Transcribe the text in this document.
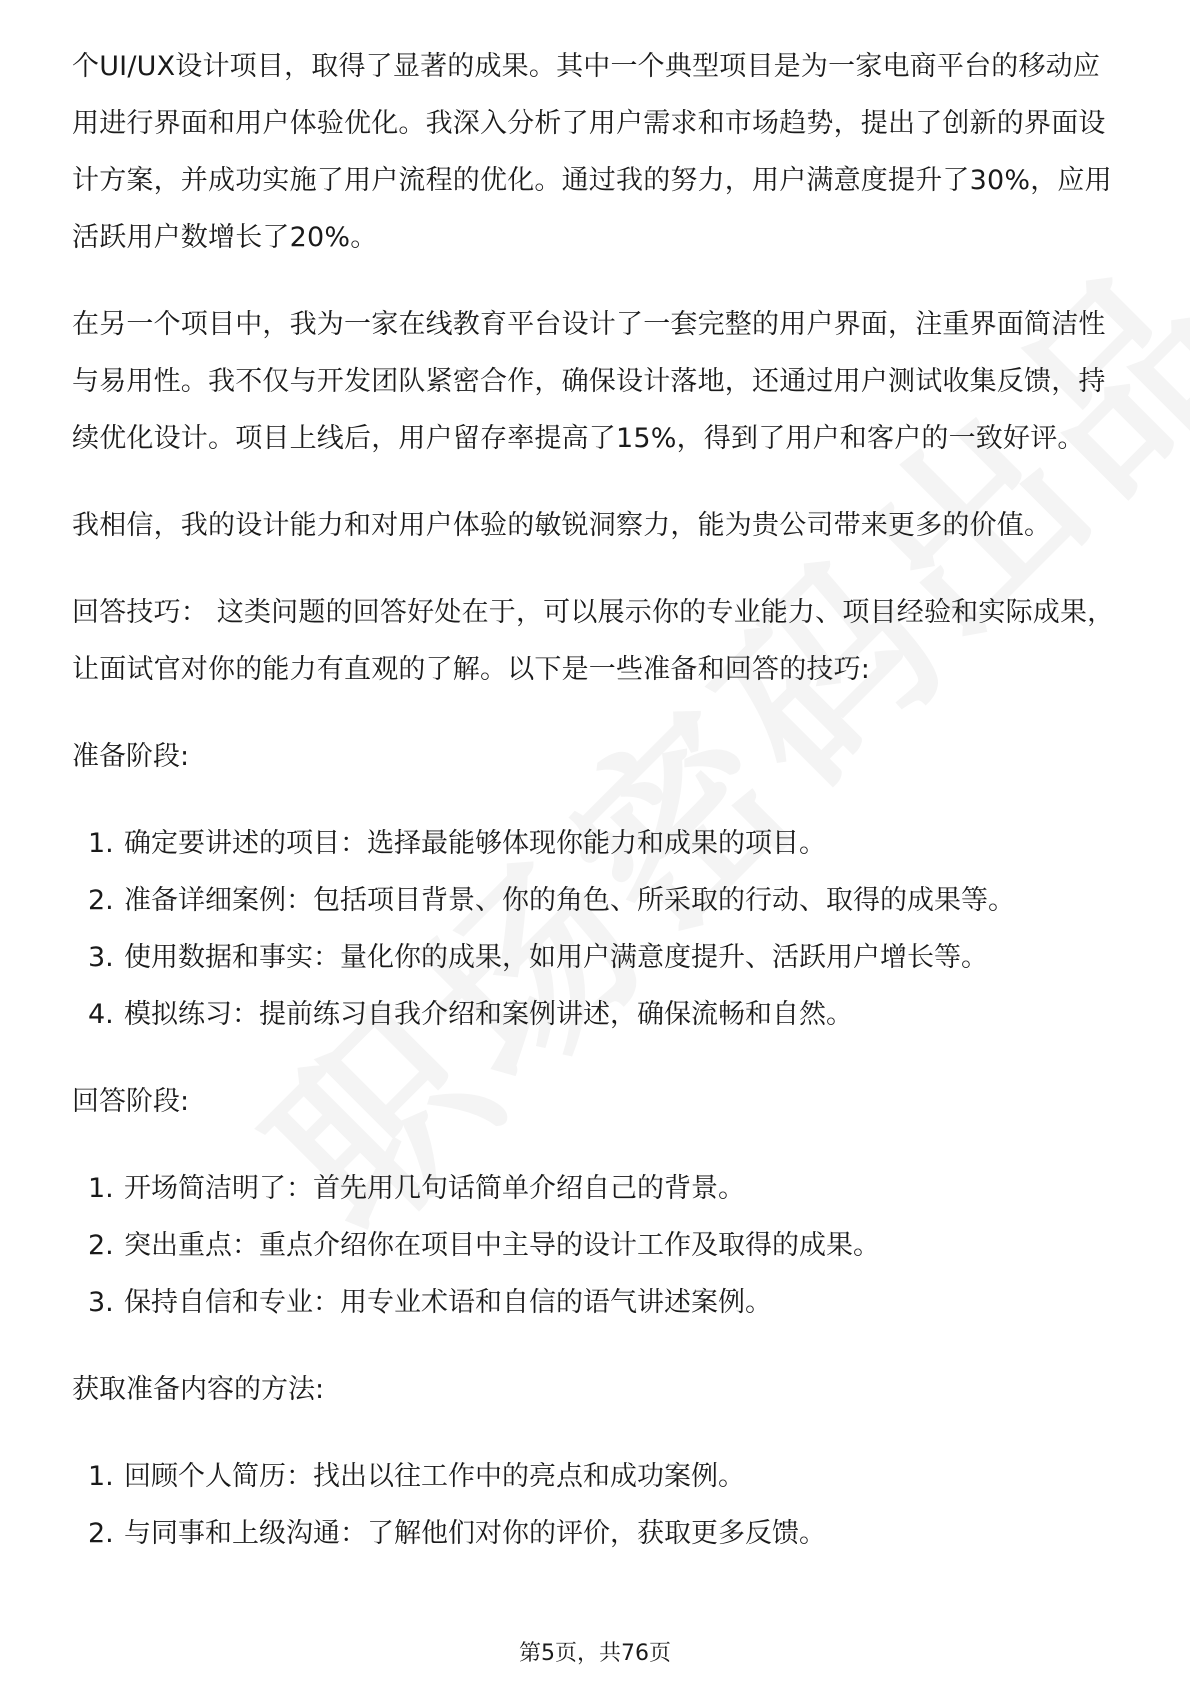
个UI/UX设计项目，取得了显著的成果。其中一个典型项目是为一家电商平台的移动应用进行界面和用户体验优化。我深入分析了用户需求和市场趋势，提出了创新的界面设计方案，并成功实施了用户流程的优化。通过我的努力，用户满意度提升了30%，应用活跃用户数增长了20%。

在另一个项目中，我为一家在线教育平台设计了一套完整的用户界面，注重界面简洁性与易用性。我不仅与开发团队紧密合作，确保设计落地，还通过用户测试收集反馈，持续优化设计。项目上线后，用户留存率提高了15%，得到了用户和客户的一致好评。

我相信，我的设计能力和对用户体验的敏锐洞察力，能为贵公司带来更多的价值。

回答技巧： 这类问题的回答好处在于，可以展示你的专业能力、项目经验和实际成果，让面试官对你的能力有直观的了解。以下是一些准备和回答的技巧:

准备阶段:

1. 确定要讲述的项目：选择最能够体现你能力和成果的项目。
2. 准备详细案例：包括项目背景、你的角色、所采取的行动、取得的成果等。
3. 使用数据和事实：量化你的成果，如用户满意度提升、活跃用户增长等。
4. 模拟练习：提前练习自我介绍和案例讲述，确保流畅和自然。

回答阶段:

1. 开场简洁明了：首先用几句话简单介绍自己的背景。
2. 突出重点：重点介绍你在项目中主导的设计工作及取得的成果。
3. 保持自信和专业：用专业术语和自信的语气讲述案例。

获取准备内容的方法:

1. 回顾个人简历：找出以往工作中的亮点和成功案例。
2. 与同事和上级沟通：了解他们对你的评价，获取更多反馈。
第5页，共76页
